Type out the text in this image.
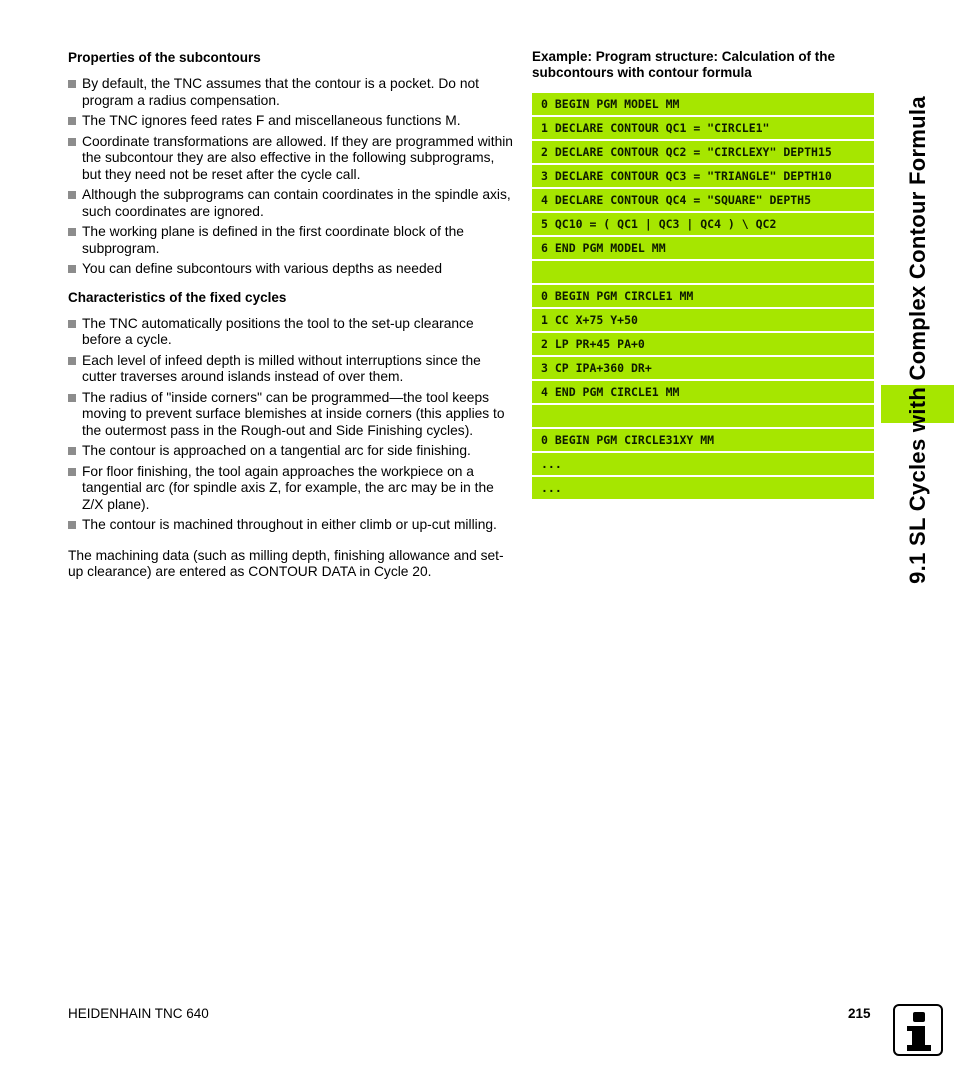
Properties of the subcontours
By default, the TNC assumes that the contour is a pocket. Do not program a radius compensation.
The TNC ignores feed rates F and miscellaneous functions M.
Coordinate transformations are allowed. If they are programmed within the subcontour they are also effective in the following subprograms, but they need not be reset after the cycle call.
Although the subprograms can contain coordinates in the spindle axis, such coordinates are ignored.
The working plane is defined in the first coordinate block of the subprogram.
You can define subcontours with various depths as needed
Characteristics of the fixed cycles
The TNC automatically positions the tool to the set-up clearance before a cycle.
Each level of infeed depth is milled without interruptions since the cutter traverses around islands instead of over them.
The radius of "inside corners" can be programmed—the tool keeps moving to prevent surface blemishes at inside corners (this applies to the outermost pass in the Rough-out and Side Finishing cycles).
The contour is approached on a tangential arc for side finishing.
For floor finishing, the tool again approaches the workpiece on a tangential arc (for spindle axis Z, for example, the arc may be in the Z/X plane).
The contour is machined throughout in either climb or up-cut milling.

The machining data (such as milling depth, finishing allowance and set-up clearance) are entered as CONTOUR DATA in Cycle 20.

Example: Program structure: Calculation of the subcontours with contour formula
0 BEGIN PGM MODEL MM
1 DECLARE CONTOUR QC1 = "CIRCLE1"
2 DECLARE CONTOUR QC2 = "CIRCLEXY" DEPTH15
3 DECLARE CONTOUR QC3 = "TRIANGLE" DEPTH10
4 DECLARE CONTOUR QC4 = "SQUARE" DEPTH5
5 QC10 = ( QC1 | QC3 | QC4 ) \ QC2
6 END PGM MODEL MM
0 BEGIN PGM CIRCLE1 MM
1 CC X+75 Y+50
2 LP PR+45 PA+0
3 CP IPA+360 DR+
4 END PGM CIRCLE1 MM
0 BEGIN PGM CIRCLE31XY MM
...
...	9.1 SL Cycles with Complex Contour Formula
HEIDENHAIN TNC 640	215
